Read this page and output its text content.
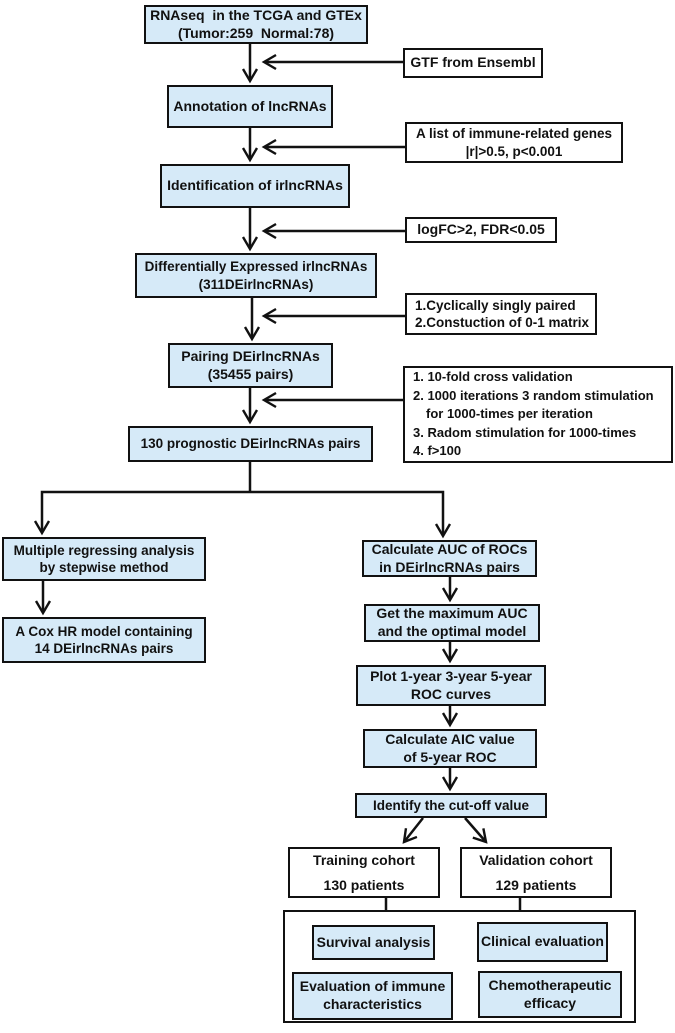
RNAseq  in the TCGA and GTEx
(Tumor:259  Normal:78)
GTF from Ensembl
Annotation of lncRNAs
A list of immune-related genes
|r|>0.5, p<0.001
Identification of irlncRNAs
logFC>2, FDR<0.05
Differentially Expressed irlncRNAs
(311DEirlncRNAs)
1.Cyclically singly paired
2.Constuction of 0-1 matrix
Pairing DEirlncRNAs
(35455 pairs)	1. 10-fold cross validation
2. 1000 iterations 3 random stimulation
for 1000-times per iteration
3. Radom stimulation for 1000-times
4. f>100
130 prognostic DEirlncRNAs pairs
Multiple regressing analysis
by stepwise method
A Cox HR model containing
14 DEirlncRNAs pairs
Calculate AUC of ROCs
in DEirlncRNAs pairs
Get the maximum AUC
and the optimal model
Plot 1-year 3-year 5-year
ROC curves
Calculate AIC value
of 5-year ROC
Identify the cut-off value
Training cohort
130 patients
Validation cohort
129 patients
Survival analysis	Clinical evaluation
Evaluation of immune
characteristics
Chemotherapeutic
efficacy
